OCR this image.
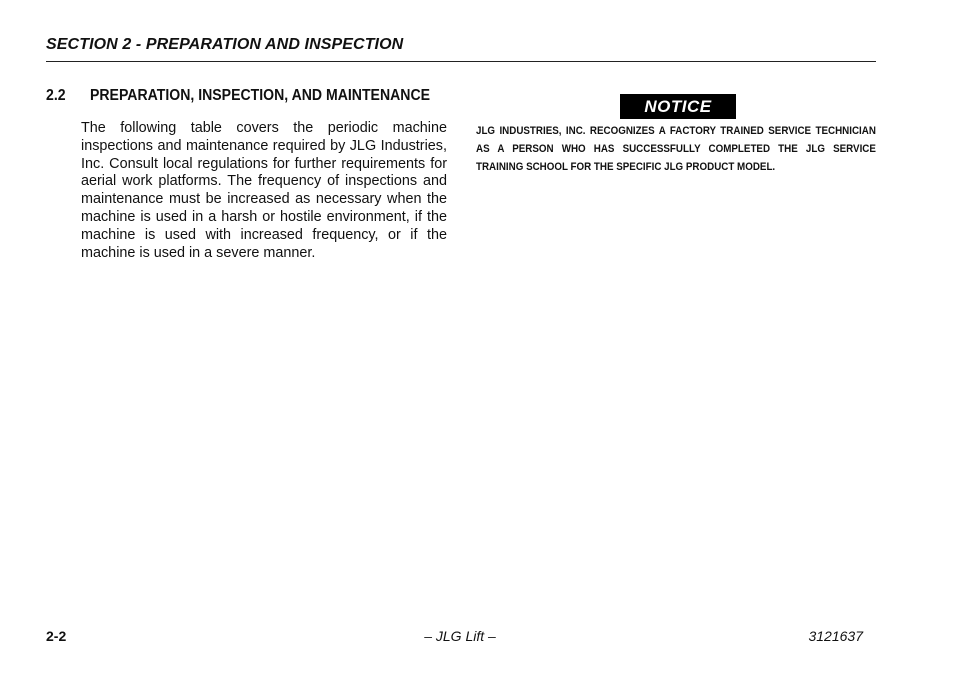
SECTION 2 - PREPARATION AND INSPECTION
2.2 PREPARATION, INSPECTION, AND MAINTENANCE

The following table covers the periodic machine inspections and maintenance required by JLG Industries, Inc. Consult local regulations for further requirements for aerial work platforms. The frequency of inspections and maintenance must be increased as necessary when the machine is used in a harsh or hostile environment, if the machine is used with increased frequency, or if the machine is used in a severe manner.

NOTICE

JLG INDUSTRIES, INC. RECOGNIZES A FACTORY TRAINED SERVICE TECHNICIAN AS A PERSON WHO HAS SUCCESSFULLY COMPLETED THE JLG SERVICE TRAINING SCHOOL FOR THE SPECIFIC JLG PRODUCT MODEL.

2-2	– JLG Lift –	3121637
